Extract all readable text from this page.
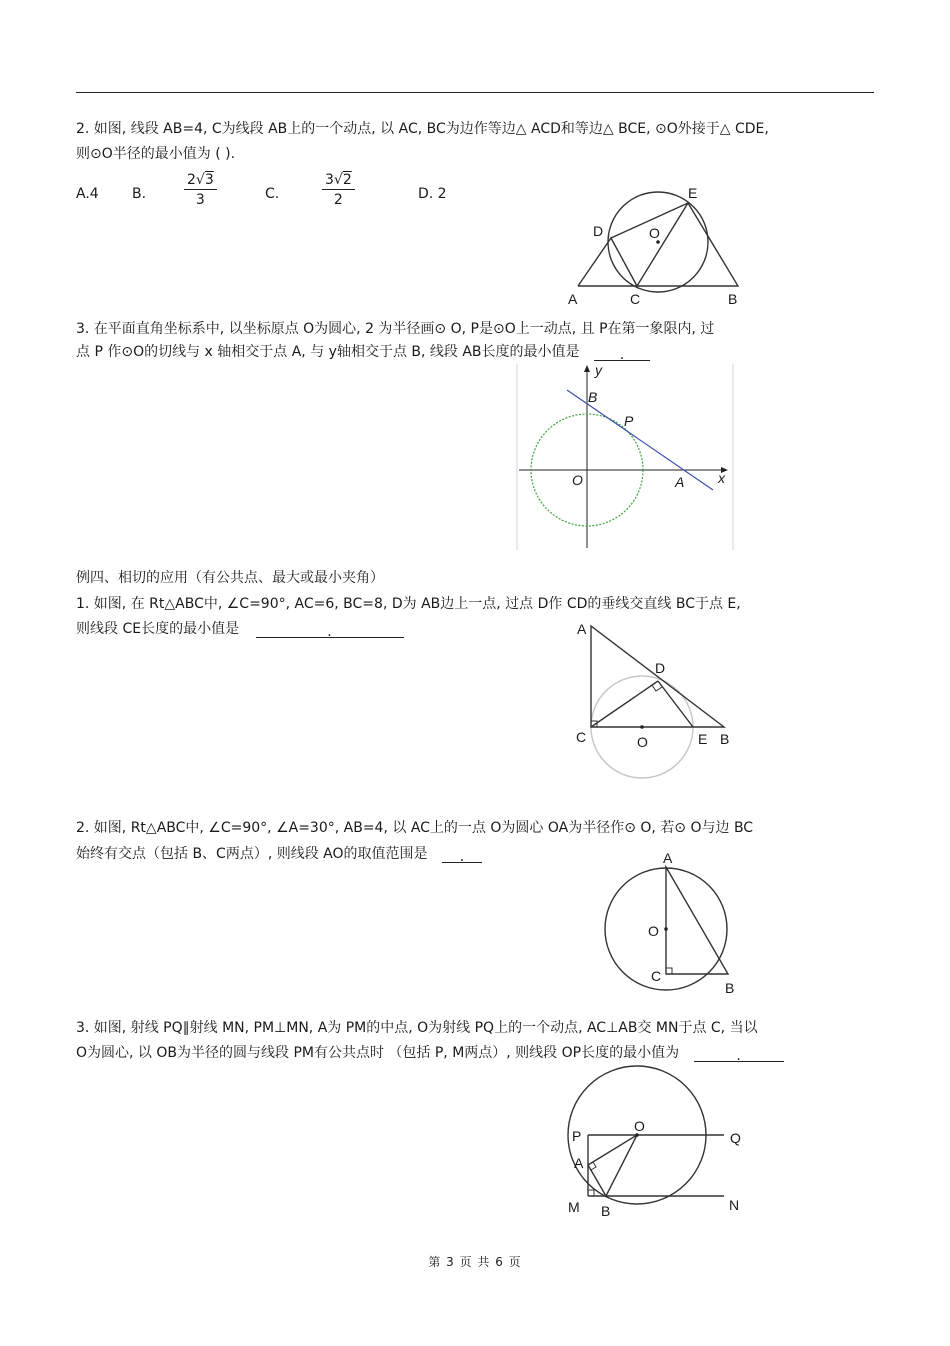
2. 如图, 线段 AB=4, C为线段 AB上的一个动点, 以 AC, BC为边作等边△ ACD和等边△ BCE, ⊙O外接于△ CDE,
则⊙O半径的最小值为 ( ).
A.4 B.	$\frac{2√3}{3}$	C.	$\frac{3√2}{2}$	D. 2	E
D	O
A	C	B
3. 在平面直角坐标系中, 以坐标原点 O为圆心, 2 为半径画⊙ O, P是⊙O上一动点, 且 P在第一象限内, 过
点 P 作⊙O的切线与 x 轴相交于点 A, 与 y轴相交于点 B, 线段 AB长度的最小值是	.
y
x
B
P
O	A
例四、相切的应用（有公共点、最大或最小夹角）
1. 如图, 在 Rt△ABC中, ∠C=90°, AC=6, BC=8, D为 AB边上一点, 过点 D作 CD的垂线交直线 BC于点 E,
则线段 CE长度的最小值是	.	A
D
C	O	E B
2. 如图, Rt△ABC中, ∠C=90°, ∠A=30°, AB=4, 以 AC上的一点 O为圆心 OA为半径作⊙ O, 若⊙ O与边 BC
始终有交点（包括 B、C两点）, 则线段 AO的取值范围是 .	A
O
C
B
3. 如图, 射线 PQ∥射线 MN, PM⊥MN, A为 PM的中点, O为射线 PQ上的一个动点, AC⊥AB交 MN于点 C, 当以
O为圆心, 以 OB为半径的圆与线段 PM有公共点时 （包括 P, M两点）, 则线段 OP长度的最小值为	.
P
O
Q
A
M B	N
第 3 页 共 6 页
